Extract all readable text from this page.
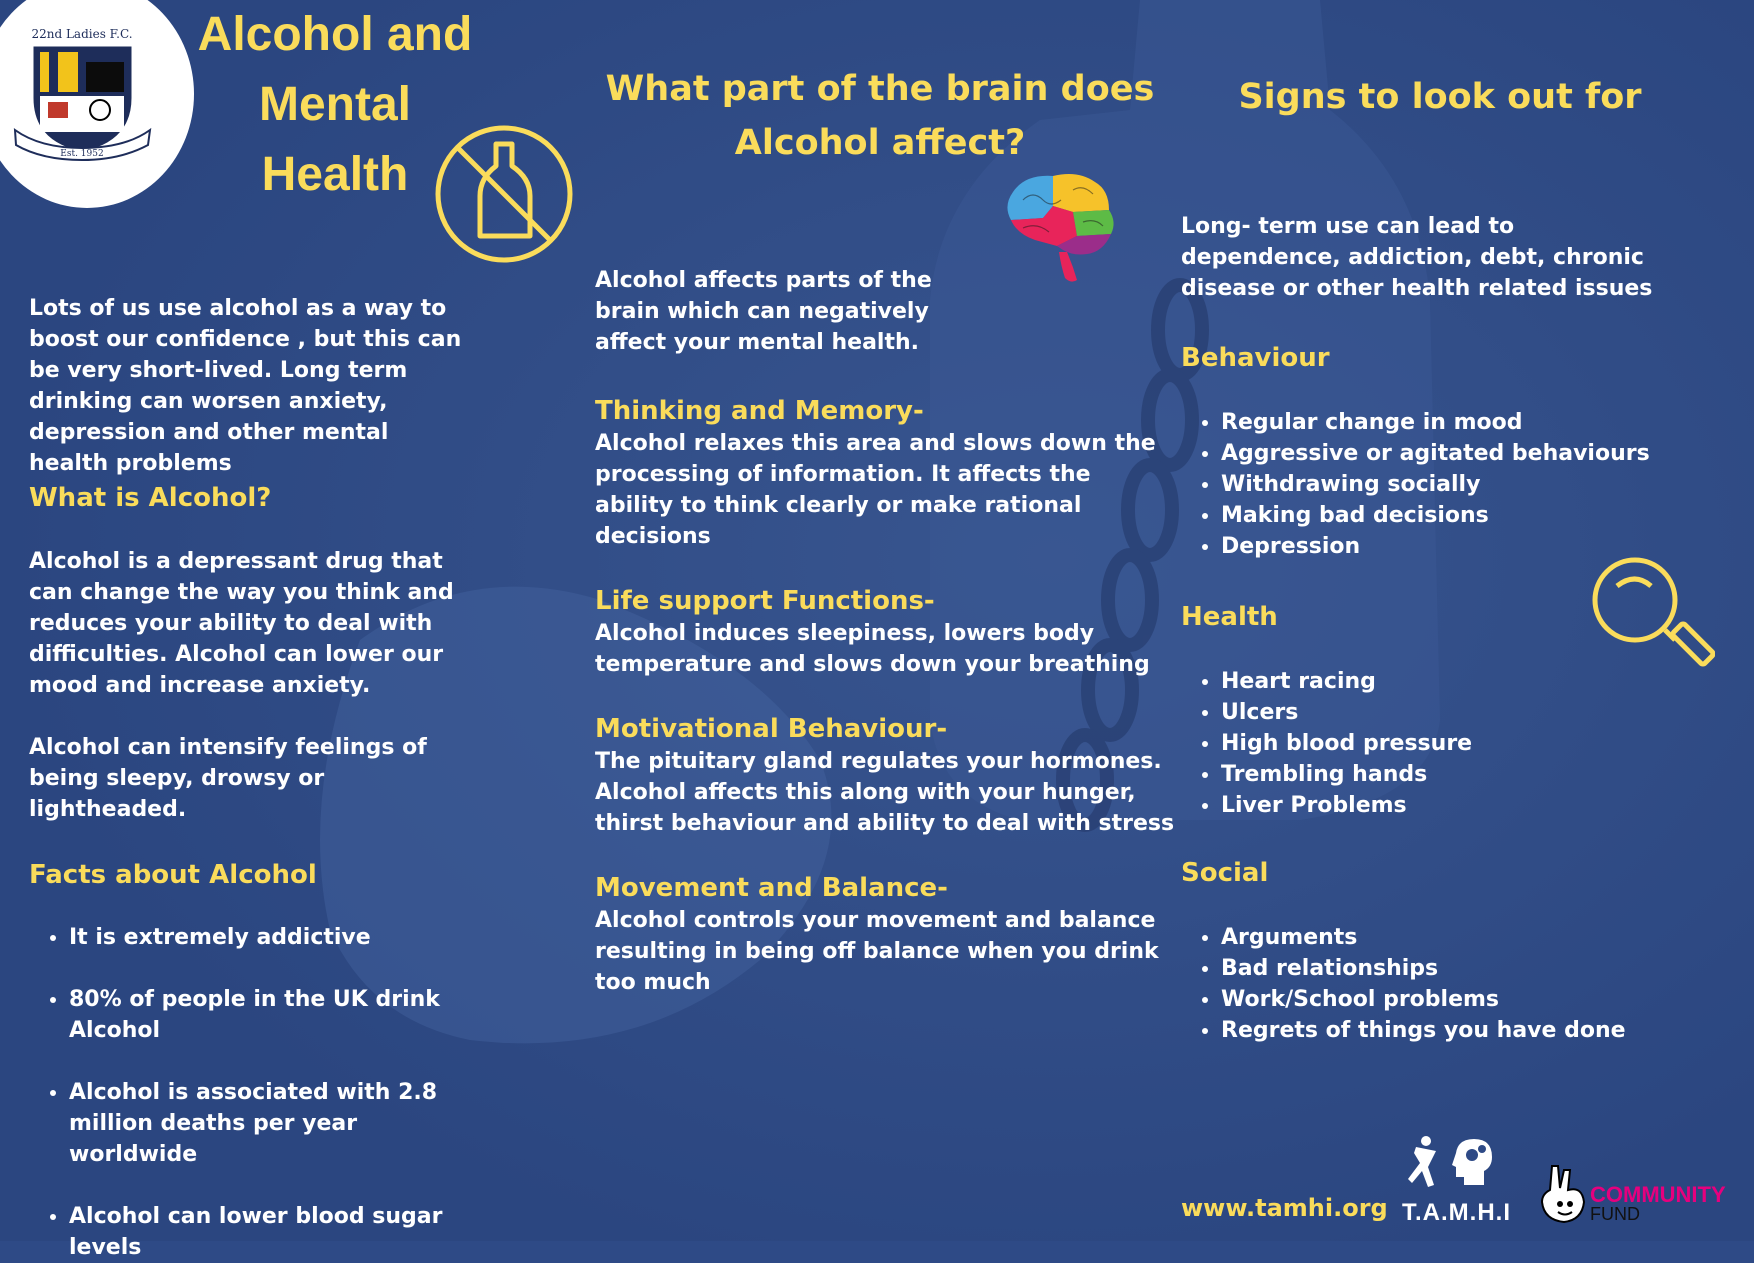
22nd Ladies F.C.
Est. 1952
Alcohol and
Mental
Health
Lots of us use alcohol as a way to boost our confidence , but this can be very short-lived. Long term drinking can worsen anxiety, depression and other mental health problems
What is Alcohol?
Alcohol is a depressant drug that can change the way you think and reduces your ability to deal with difficulties. Alcohol can lower our mood and increase anxiety.
Alcohol can intensify feelings of being sleepy, drowsy or lightheaded.
Facts about Alcohol
• It is extremely addictive
• 80% of people in the UK drink Alcohol
• Alcohol is associated with 2.8 million deaths per year worldwide
• Alcohol can lower blood sugar levels
What part of the brain does Alcohol affect?
Alcohol affects parts of the brain which can negatively affect your mental health.
Thinking and Memory-
Alcohol relaxes this area and slows down the processing of information. It affects the ability to think clearly or make rational decisions
Life support Functions-
Alcohol induces sleepiness, lowers body temperature and slows down your breathing
Motivational Behaviour-
The pituitary gland regulates your hormones. Alcohol affects this along with your hunger, thirst behaviour and ability to deal with stress
Movement and Balance-
Alcohol controls your movement and balance resulting in being off balance when you drink too much
Signs to look out for
Long- term use can lead to dependence, addiction, debt, chronic disease or other health related issues
Behaviour
• Regular change in mood
• Aggressive or agitated behaviours
• Withdrawing socially
• Making bad decisions
• Depression
Health
• Heart racing
• Ulcers
• High blood pressure
• Trembling hands
• Liver Problems
Social
• Arguments
• Bad relationships
• Work/School problems
• Regrets of things you have done
www.tamhi.org T.A.M.H.I
COMMUNITY
FUND
